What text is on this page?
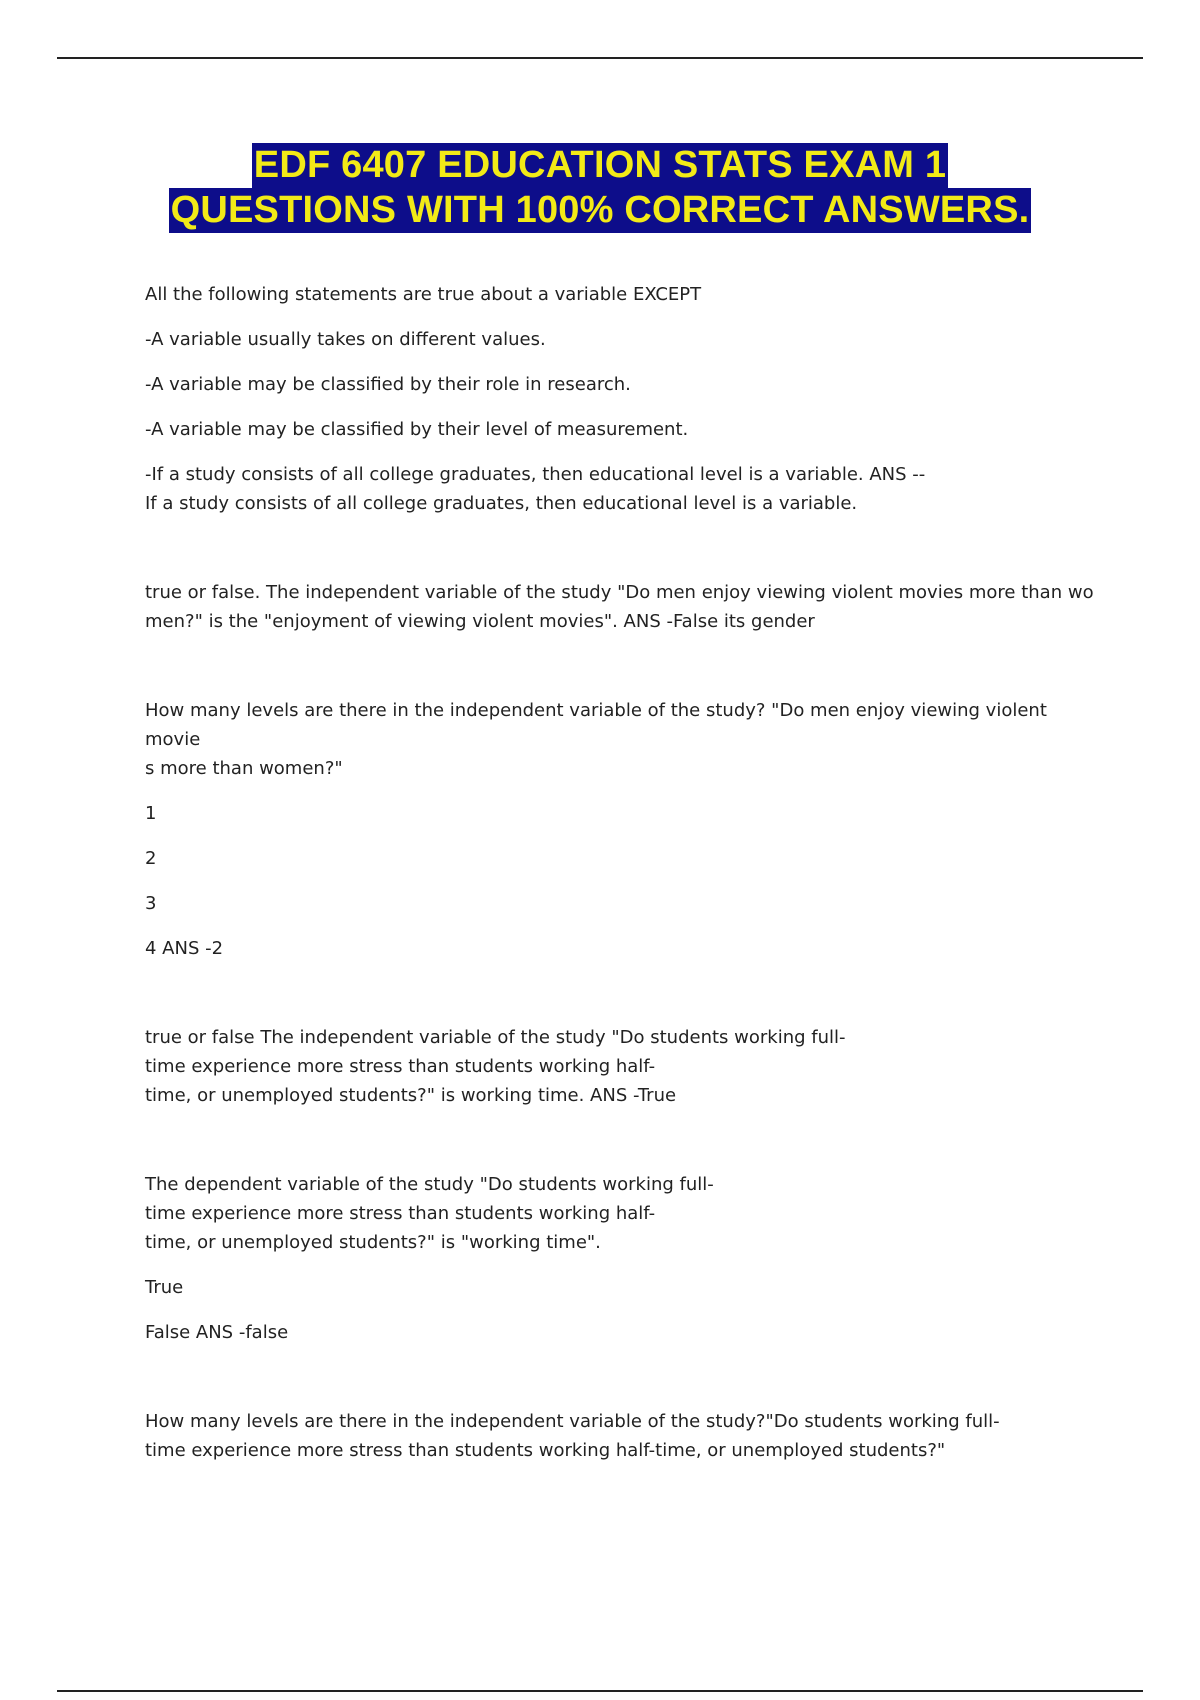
EDF 6407 EDUCATION STATS EXAM 1
QUESTIONS WITH 100% CORRECT ANSWERS.

All the following statements are true about a variable EXCEPT

-A variable usually takes on different values.

-A variable may be classified by their role in research.

-A variable may be classified by their level of measurement.

-If a study consists of all college graduates, then educational level is a variable. ANS --
If a study consists of all college graduates, then educational level is a variable.

true or false. The independent variable of the study "Do men enjoy viewing violent movies more than wo
men?" is the "enjoyment of viewing violent movies". ANS -False its gender

How many levels are there in the independent variable of the study? "Do men enjoy viewing violent movie
s more than women?"

1

2

3

4 ANS -2

true or false The independent variable of the study "Do students working full-
time experience more stress than students working half-
time, or unemployed students?" is working time. ANS -True

The dependent variable of the study "Do students working full-
time experience more stress than students working half-
time, or unemployed students?" is "working time".

True

False ANS -false

How many levels are there in the independent variable of the study?"Do students working full-
time experience more stress than students working half-time, or unemployed students?"
